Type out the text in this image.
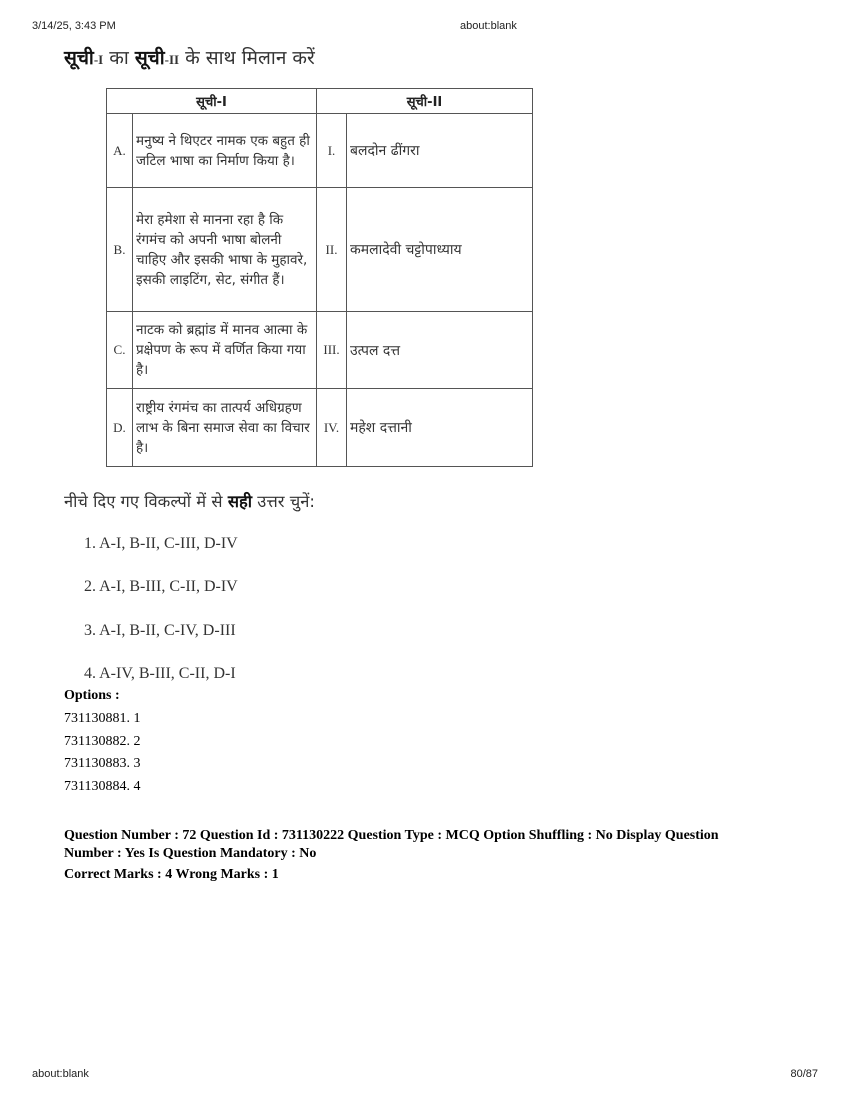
3/14/25, 3:43 PM	about:blank
सूची-I का सूची-II के साथ मिलान करें
सूची-I		सूची-II	
A.	मनुष्य ने थिएटर नामक एक बहुत ही जटिल भाषा का निर्माण किया है।	I.	बलदोन ढींगरा
B.	मेरा हमेशा से मानना रहा है कि रंगमंच को अपनी भाषा बोलनी चाहिए और इसकी भाषा के मुहावरे, इसकी लाइटिंग, सेट, संगीत हैं।	II.	कमलादेवी चट्टोपाध्याय
C.	नाटक को ब्रह्मांड में मानव आत्मा के प्रक्षेपण के रूप में वर्णित किया गया है।	III.	उत्पल दत्त
D.	राष्ट्रीय रंगमंच का तात्पर्य अधिग्रहण लाभ के बिना समाज सेवा का विचार है।	IV.	महेश दत्तानी
नीचे दिए गए विकल्पों में से सही उत्तर चुनें:
1. A-I, B-II, C-III, D-IV
2. A-I, B-III, C-II, D-IV
3. A-I, B-II, C-IV, D-III
4. A-IV, B-III, C-II, D-I
Options :
731130881. 1
731130882. 2
731130883. 3
731130884. 4
Question Number : 72 Question Id : 731130222 Question Type : MCQ Option Shuffling : No Display Question
Number : Yes Is Question Mandatory : No
Correct Marks : 4 Wrong Marks : 1
about:blank	80/87
